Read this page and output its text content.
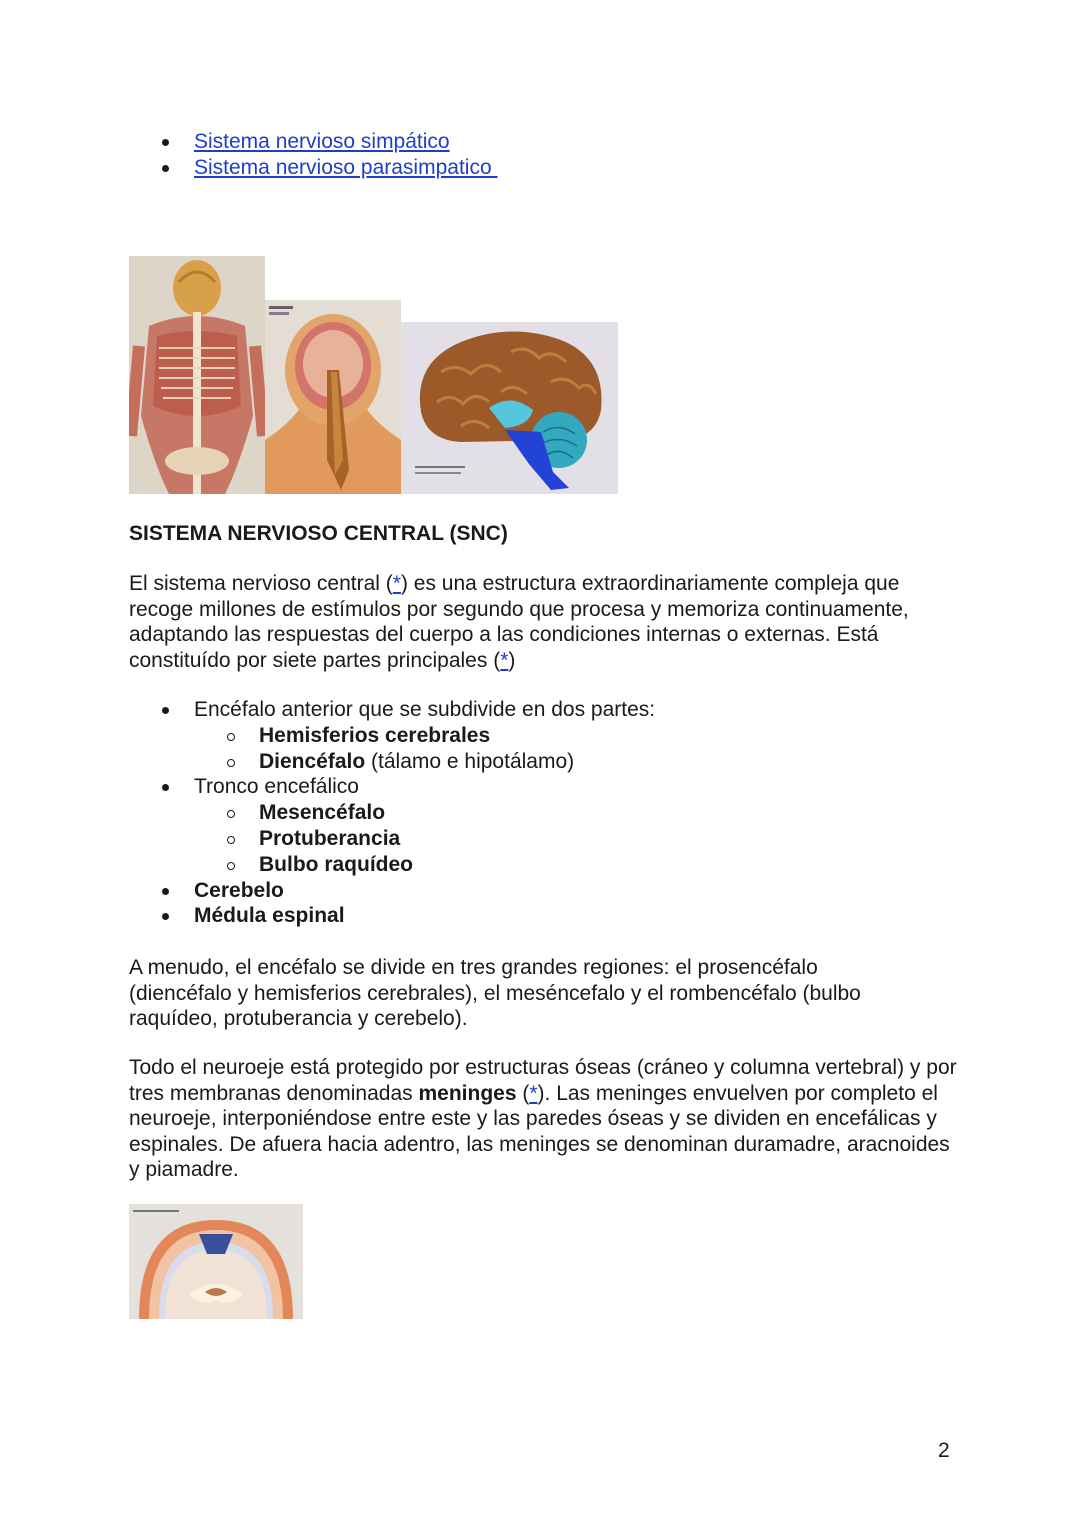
Sistema nervioso simpático
Sistema nervioso parasimpatico
SISTEMA NERVIOSO CENTRAL (SNC)

El sistema nervioso central (*) es una estructura extraordinariamente compleja que recoge millones de estímulos por segundo que procesa y memoriza continuamente, adaptando las respuestas del cuerpo a las condiciones internas o externas. Está constituído por siete partes principales (*)

Encéfalo anterior que se subdivide en dos partes:
Hemisferios cerebrales
Diencéfalo (tálamo e hipotálamo)
Tronco encefálico
Mesencéfalo
Protuberancia
Bulbo raquídeo
Cerebelo
Médula espinal

A menudo, el encéfalo se divide en tres grandes regiones: el prosencéfalo (diencéfalo y hemisferios cerebrales), el meséncefalo y el rombencéfalo (bulbo raquídeo, protuberancia y cerebelo).

Todo el neuroeje está protegido por estructuras óseas (cráneo y columna vertebral) y por tres membranas denominadas meninges (*). Las meninges envuelven por completo el neuroeje, interponiéndose entre este y las paredes óseas y se dividen en encefálicas y espinales. De afuera hacia adentro, las meninges se denominan duramadre, aracnoides y piamadre.

2
